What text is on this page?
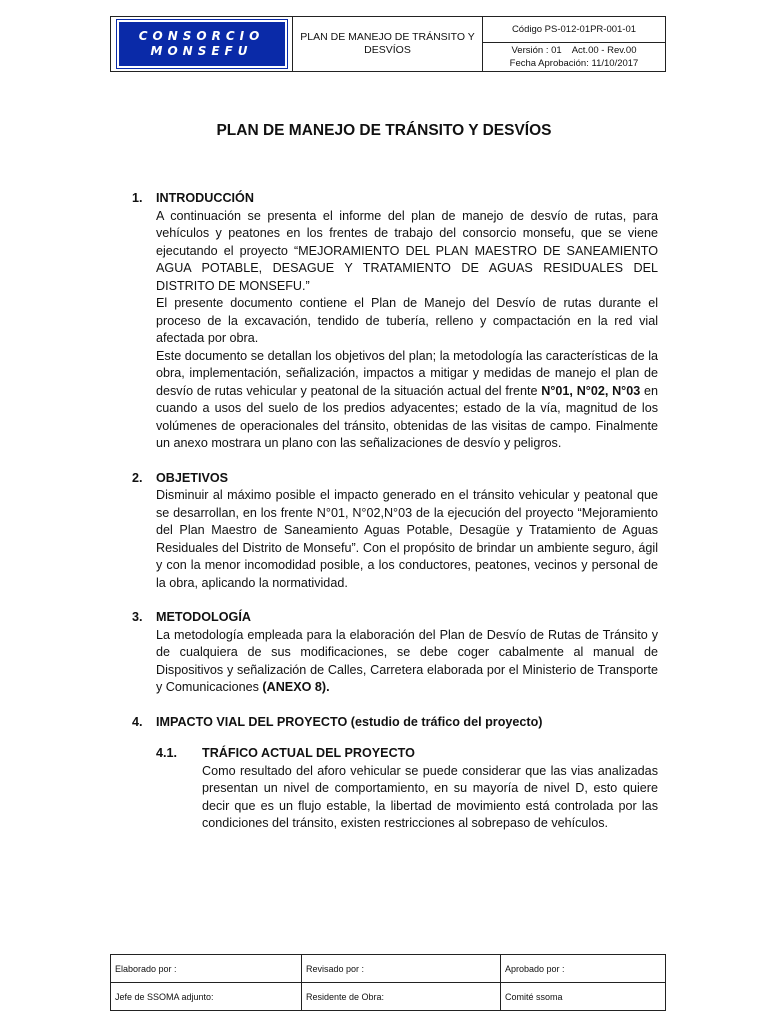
CONSORCIO
MONSEFU
PLAN DE MANEJO DE TRÁNSITO Y DESVÍOS
Código PS-012-01PR-001-01
Versión : 01    Act.00 - Rev.00
Fecha Aprobación: 11/10/2017
PLAN DE MANEJO DE TRÁNSITO Y DESVÍOS
1.	INTRODUCCIÓN

A continuación se presenta el informe del plan de manejo de desvío de rutas, para vehículos y peatones en los frentes de trabajo del consorcio monsefu, que se viene ejecutando el proyecto “MEJORAMIENTO DEL PLAN MAESTRO DE SANEAMIENTO AGUA POTABLE, DESAGUE Y TRATAMIENTO DE AGUAS RESIDUALES DEL DISTRITO DE MONSEFU.”

El presente documento contiene el Plan de Manejo del Desvío de rutas durante el proceso de la excavación, tendido de tubería, relleno y compactación en la red vial afectada por obra.

Este documento se detallan los objetivos del plan; la metodología las características de la obra, implementación, señalización, impactos a mitigar y medidas de manejo el plan de desvío de rutas vehicular y peatonal de la situación actual del frente N°01, N°02, N°03 en cuando a usos del suelo de los predios adyacentes; estado de la vía, magnitud de los volúmenes de operacionales del tránsito, obtenidas de las visitas de campo. Finalmente un anexo mostrara un plano con las señalizaciones de desvío y peligros.

2.	OBJETIVOS

Disminuir al máximo posible el impacto generado en el tránsito vehicular y peatonal que se desarrollan, en los frente N°01, N°02,N°03 de la ejecución del proyecto “Mejoramiento del Plan Maestro de Saneamiento Aguas Potable, Desagüe y Tratamiento de Aguas Residuales del Distrito de Monsefu”. Con el propósito de brindar un ambiente seguro, ágil y con la menor incomodidad posible, a los conductores, peatones, vecinos y personal de la obra, aplicando la normatividad.

3.	METODOLOGÍA

La metodología empleada para la elaboración del Plan de Desvío de Rutas de Tránsito y de cualquiera de sus modificaciones, se debe coger cabalmente al manual de Dispositivos y señalización de Calles, Carretera elaborada por el Ministerio de Transporte y Comunicaciones (ANEXO 8).

4.	IMPACTO VIAL DEL PROYECTO (estudio de tráfico del proyecto)
4.1.	TRÁFICO ACTUAL DEL PROYECTO

Como resultado del aforo vehicular se puede considerar que las vias analizadas presentan un nivel de comportamiento, en su mayoría de nivel D, esto quiere decir que es un flujo estable, la libertad de movimiento está controlada por las condiciones del tránsito, existen restricciones al sobrepaso de vehículos.

Elaborado por :	Revisado por :	Aprobado por :
Jefe de SSOMA adjunto:	Residente de Obra:	Comité ssoma
